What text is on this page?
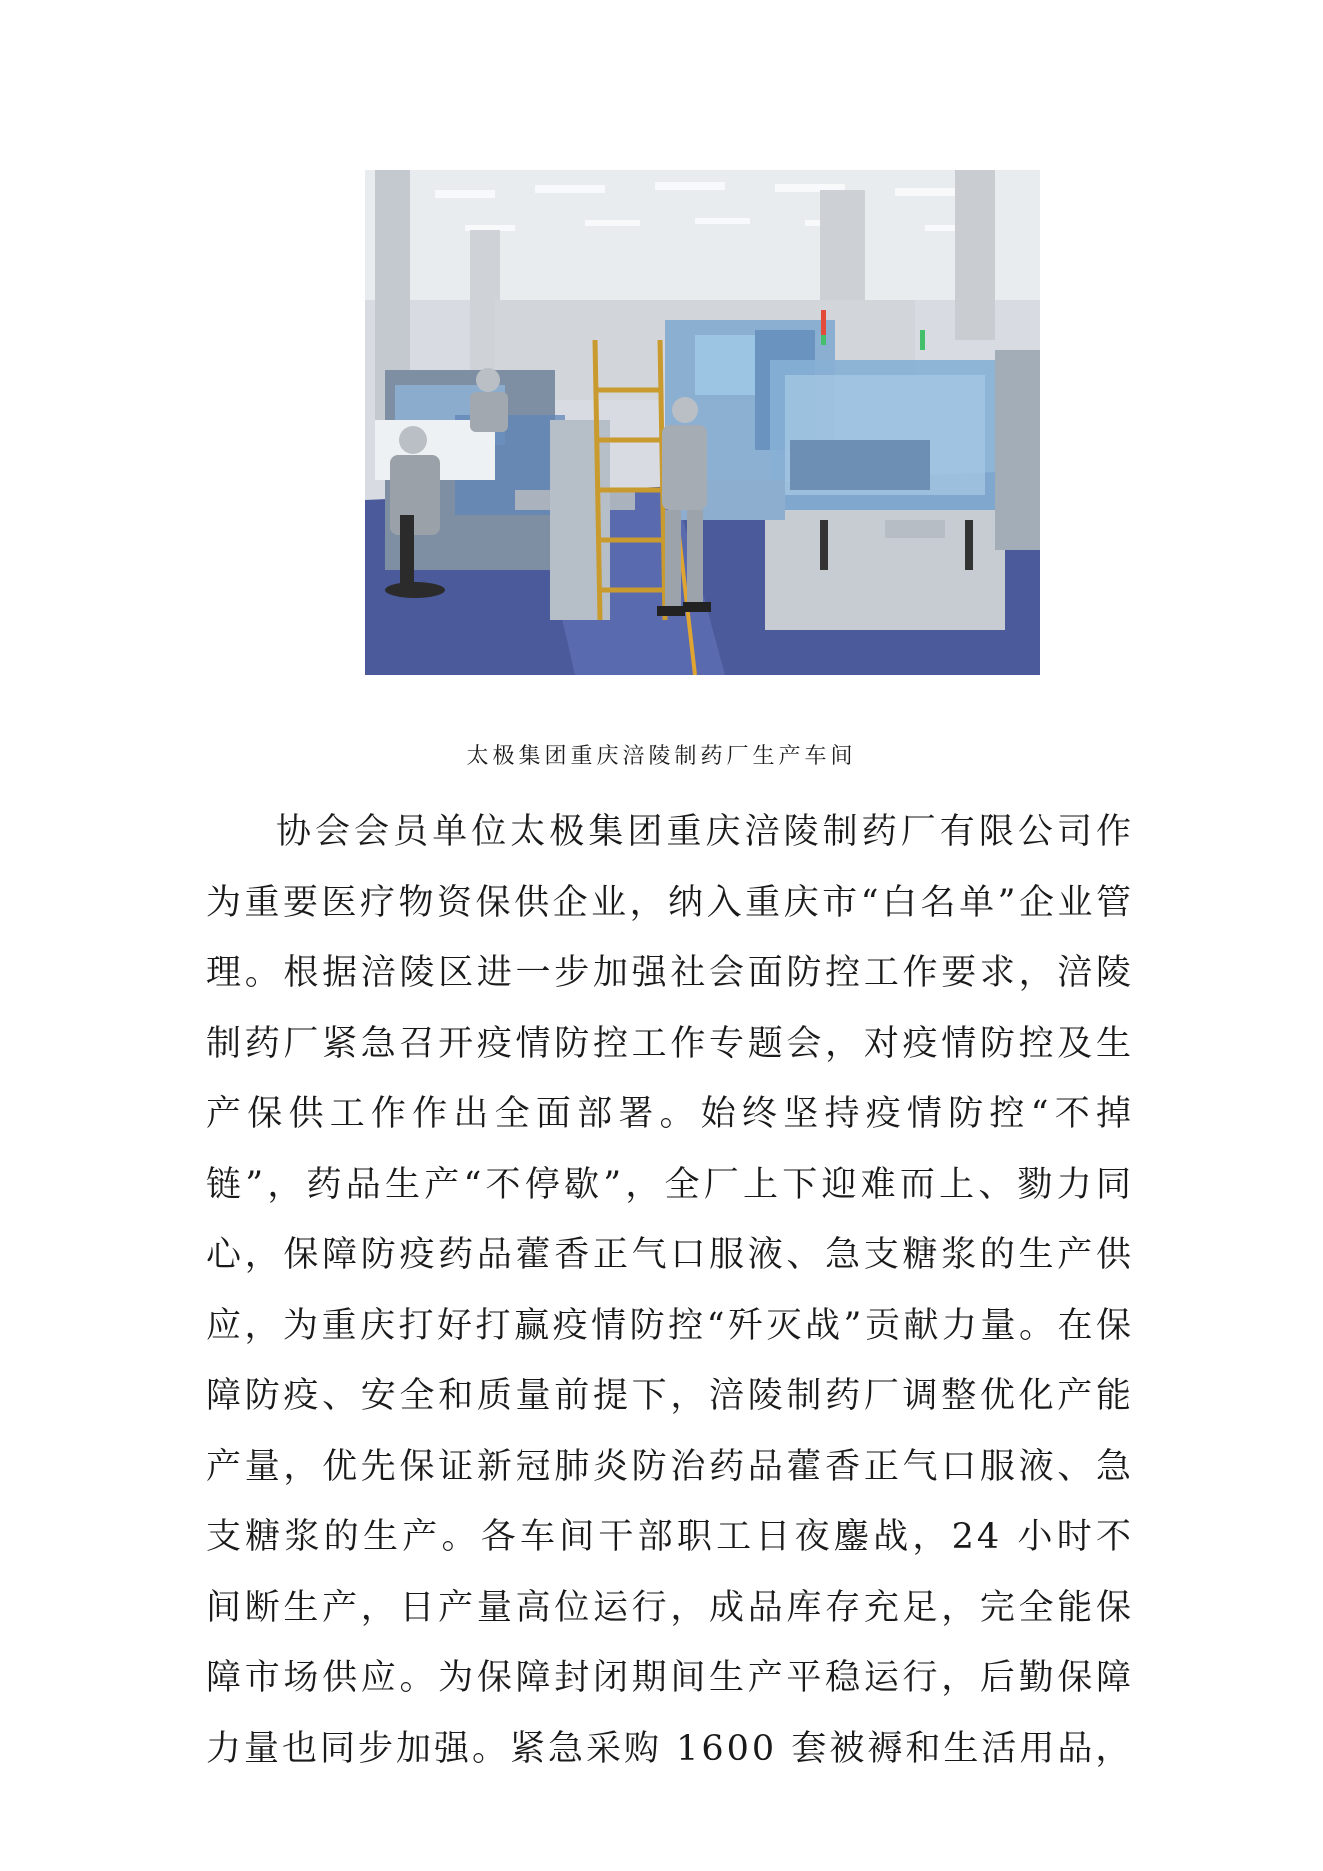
太极集团重庆涪陵制药厂生产车间

协会会员单位太极集团重庆涪陵制药厂有限公司作为重要医疗物资保供企业，纳入重庆市“白名单”企业管理。根据涪陵区进一步加强社会面防控工作要求，涪陵制药厂紧急召开疫情防控工作专题会，对疫情防控及生产保供工作作出全面部署。始终坚持疫情防控“不掉链”，药品生产“不停歇”，全厂上下迎难而上、勠力同心，保障防疫药品藿香正气口服液、急支糖浆的生产供应，为重庆打好打赢疫情防控“歼灭战”贡献力量。在保障防疫、安全和质量前提下，涪陵制药厂调整优化产能产量，优先保证新冠肺炎防治药品藿香正气口服液、急支糖浆的生产。各车间干部职工日夜鏖战，24 小时不间断生产，日产量高位运行，成品库存充足，完全能保障市场供应。为保障封闭期间生产平稳运行，后勤保障力量也同步加强。紧急采购 1600 套被褥和生活用品，
